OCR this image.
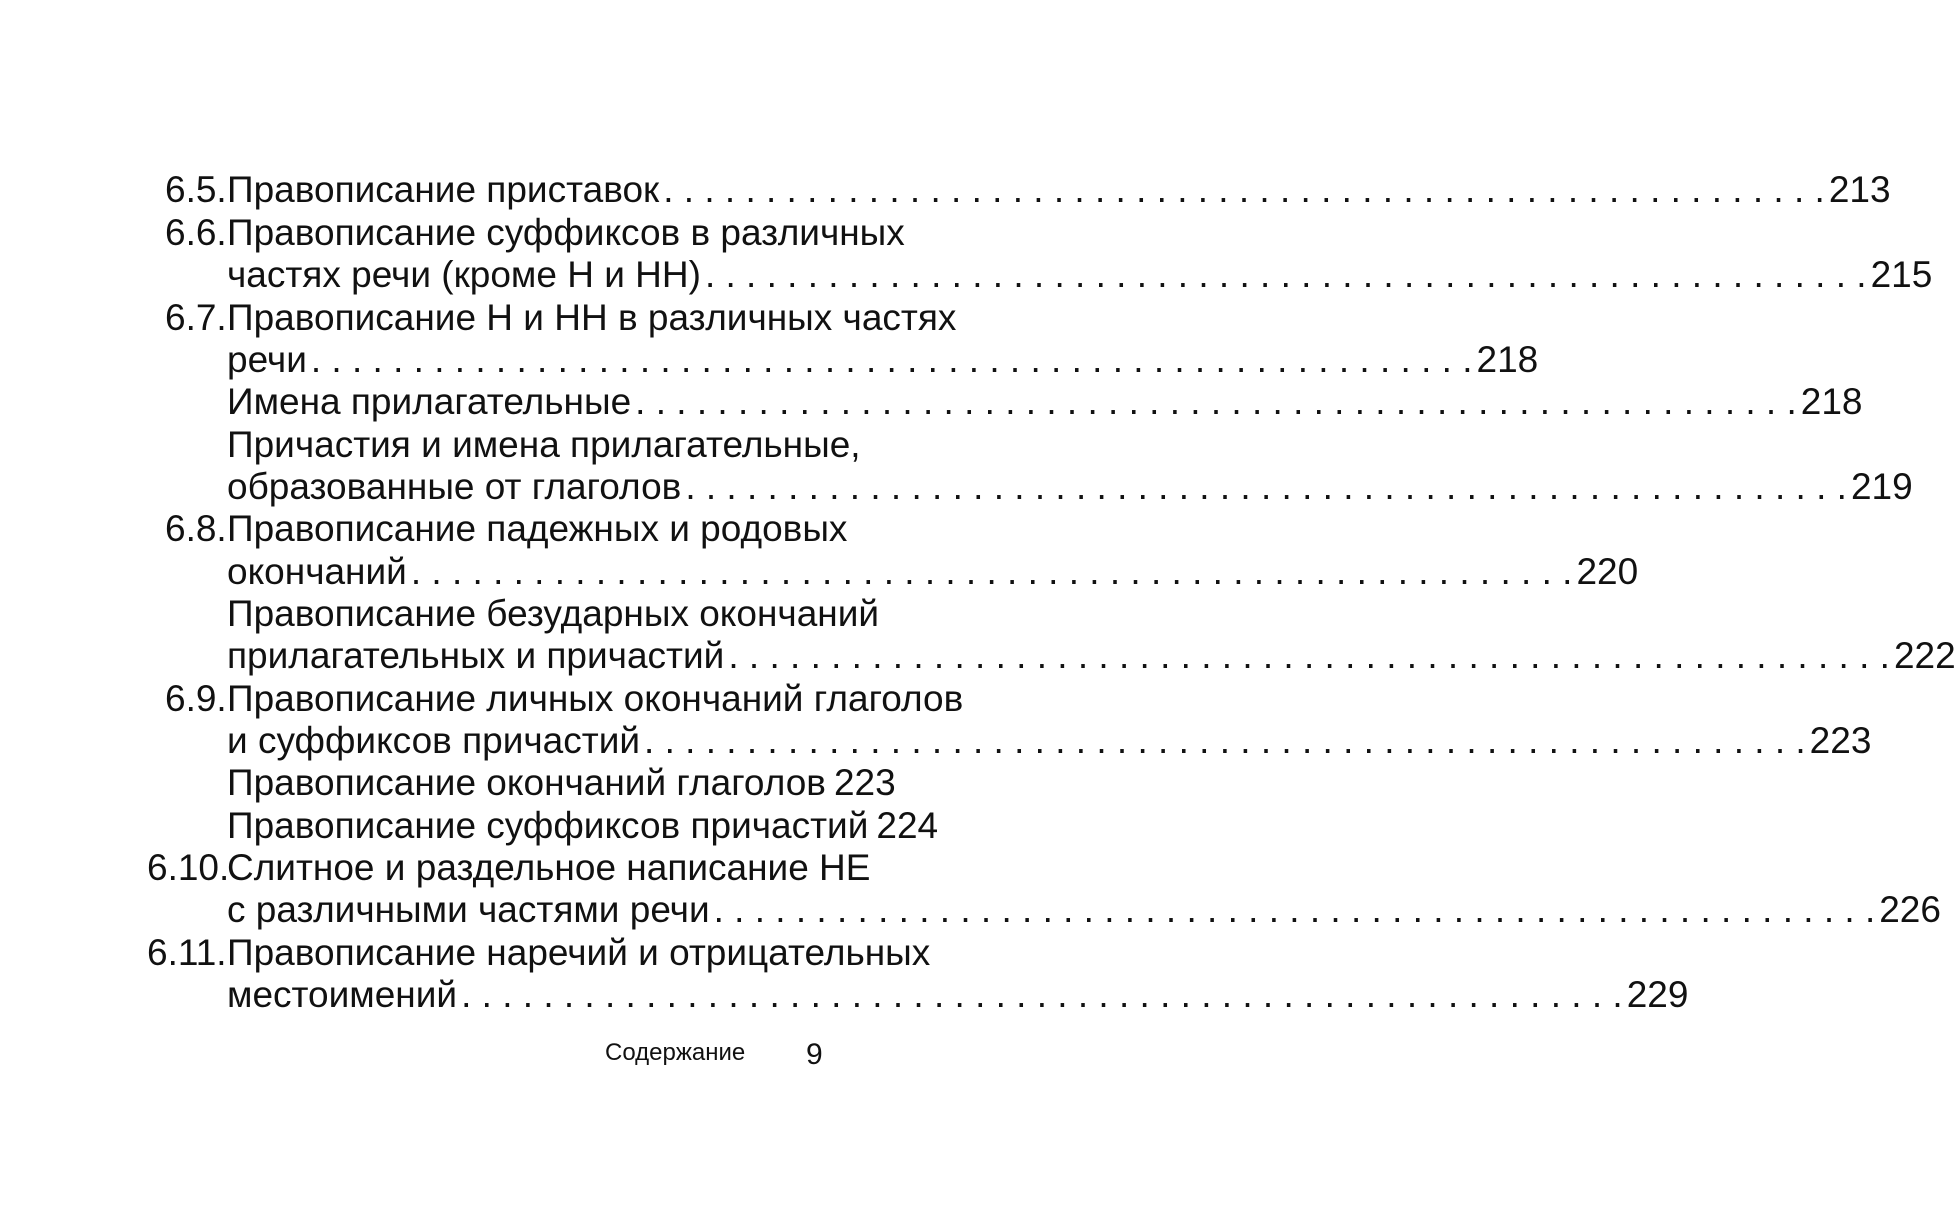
6.5. Правописание приставок . . .	213
6.6. Правописание суффиксов в различных
частях речи (кроме Н и НН) . . .	215
6.7. Правописание Н и НН в различных частях
речи . . .	218
Имена прилагательные . . .	218
Причастия и имена прилагательные,
образованные от глаголов . . .	219
6.8. Правописание падежных и родовых
окончаний . . .	220
Правописание безударных окончаний
прилагательных и причастий . . .	222
6.9. Правописание личных окончаний глаголов
и суффиксов причастий . . .	223
Правописание окончаний глаголов 223
Правописание суффиксов причастий 224
6.10.
Слитное и раздельное написание НЕ
с различными частями речи . . .	226
6.11. Правописание наречий и отрицательных
местоимений . . .	229
Содержание 9
